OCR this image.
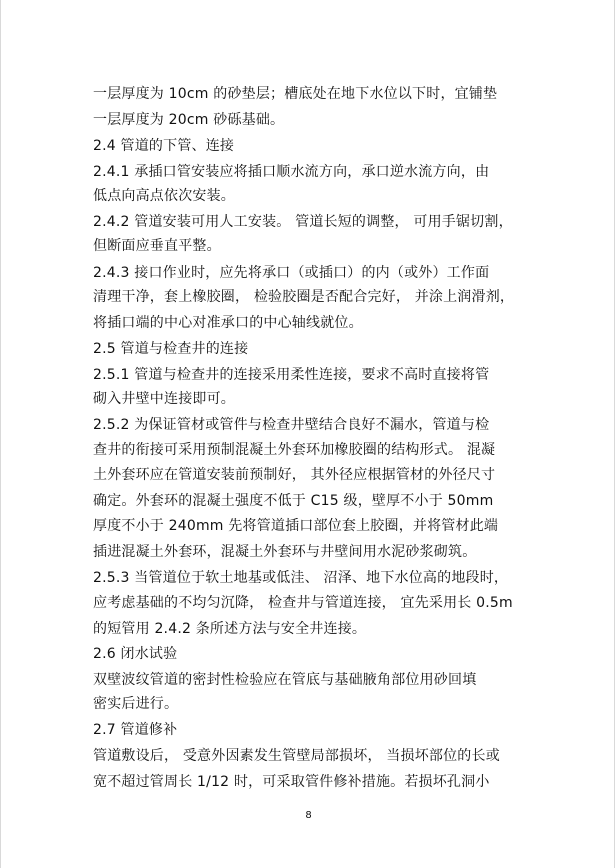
一层厚度为 10cm 的砂垫层；槽底处在地下水位以下时，宜铺垫

一层厚度为 20cm 砂砾基础。

2.4 管道的下管、连接

2.4.1 承插口管安装应将插口顺水流方向，承口逆水流方向，由

低点向高点依次安装。

2.4.2 管道安装可用人工安装。 管道长短的调整， 可用手锯切割，

但断面应垂直平整。

2.4.3 接口作业时，应先将承口（或插口）的内（或外）工作面

清理干净，套上橡胶圈， 检验胶圈是否配合完好， 并涂上润滑剂，

将插口端的中心对准承口的中心轴线就位。

2.5 管道与检查井的连接

2.5.1 管道与检查井的连接采用柔性连接，要求不高时直接将管

砌入井壁中连接即可。

2.5.2 为保证管材或管件与检查井壁结合良好不漏水，管道与检

查井的衔接可采用预制混凝土外套环加橡胶圈的结构形式。 混凝

土外套环应在管道安装前预制好， 其外径应根据管材的外径尺寸

确定。外套环的混凝土强度不低于 C15 级，壁厚不小于 50mm

厚度不小于 240mm 先将管道插口部位套上胶圈，并将管材此端

插进混凝土外套环，混凝土外套环与井壁间用水泥砂浆砌筑。

2.5.3 当管道位于软土地基或低洼、 沼泽、地下水位高的地段时，

应考虑基础的不均匀沉降， 检查井与管道连接， 宜先采用长 0.5m

的短管用 2.4.2 条所述方法与安全井连接。

2.6 闭水试验

双壁波纹管道的密封性检验应在管底与基础腋角部位用砂回填

密实后进行。

2.7 管道修补

管道敷设后， 受意外因素发生管壁局部损坏， 当损坏部位的长或

宽不超过管周长 1/12 时，可采取管件修补措施。若损坏孔洞小

8
